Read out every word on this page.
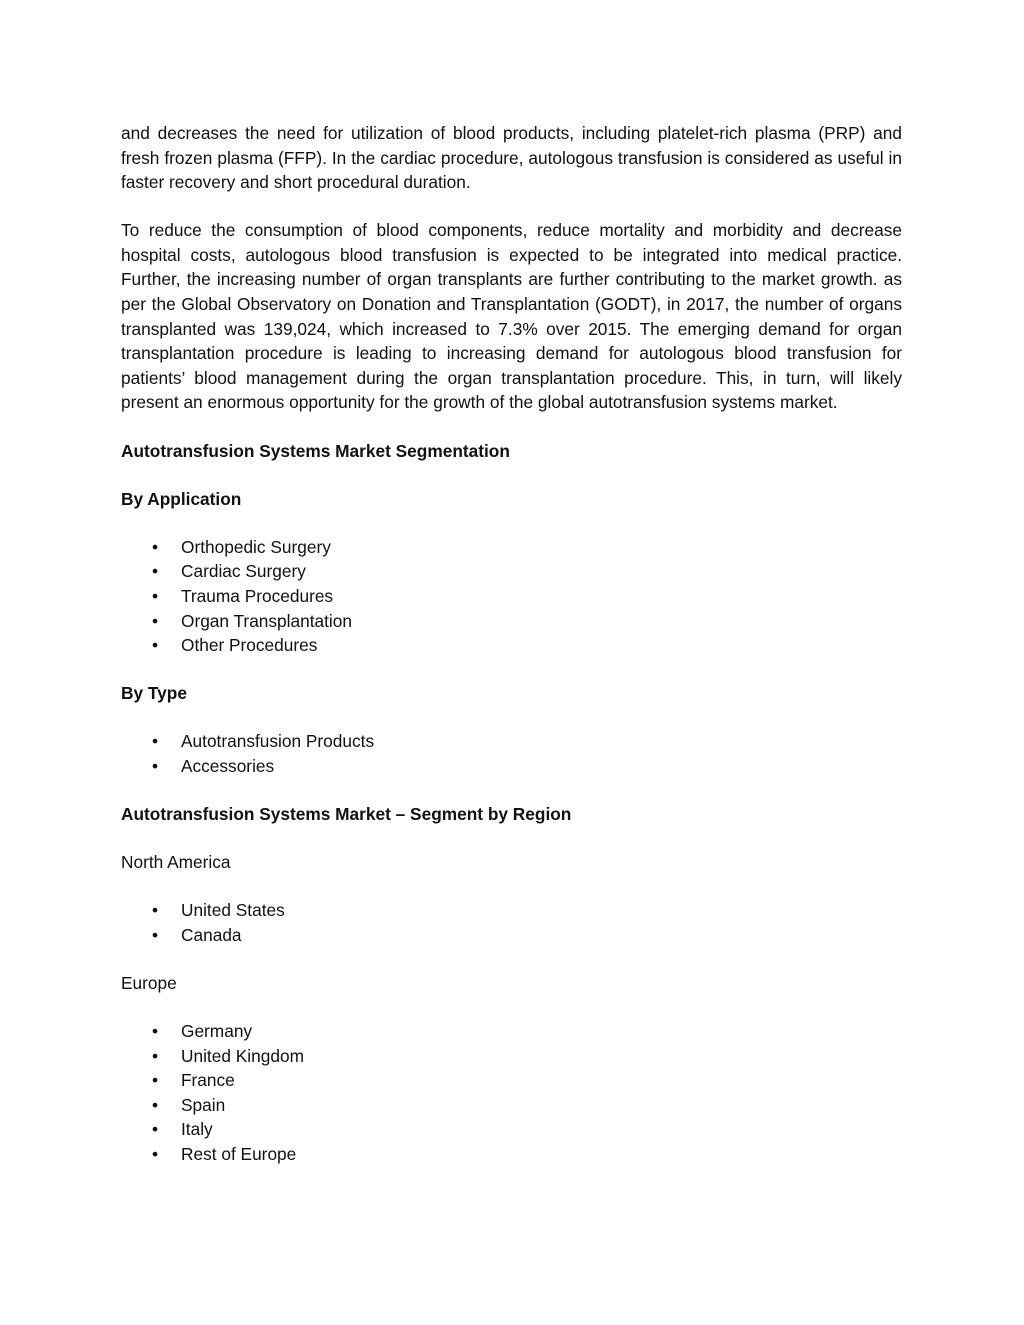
and decreases the need for utilization of blood products, including platelet-rich plasma (PRP) and fresh frozen plasma (FFP). In the cardiac procedure, autologous transfusion is considered as useful in faster recovery and short procedural duration.

To reduce the consumption of blood components, reduce mortality and morbidity and decrease hospital costs, autologous blood transfusion is expected to be integrated into medical practice. Further, the increasing number of organ transplants are further contributing to the market growth. as per the Global Observatory on Donation and Transplantation (GODT), in 2017, the number of organs transplanted was 139,024, which increased to 7.3% over 2015. The emerging demand for organ transplantation procedure is leading to increasing demand for autologous blood transfusion for patients’ blood management during the organ transplantation procedure. This, in turn, will likely present an enormous opportunity for the growth of the global autotransfusion systems market.

Autotransfusion Systems Market Segmentation

By Application

• Orthopedic Surgery
• Cardiac Surgery
• Trauma Procedures
• Organ Transplantation
• Other Procedures

By Type

• Autotransfusion Products
• Accessories

Autotransfusion Systems Market – Segment by Region

North America

• United States
• Canada

Europe

• Germany
• United Kingdom
• France
• Spain
• Italy
• Rest of Europe
